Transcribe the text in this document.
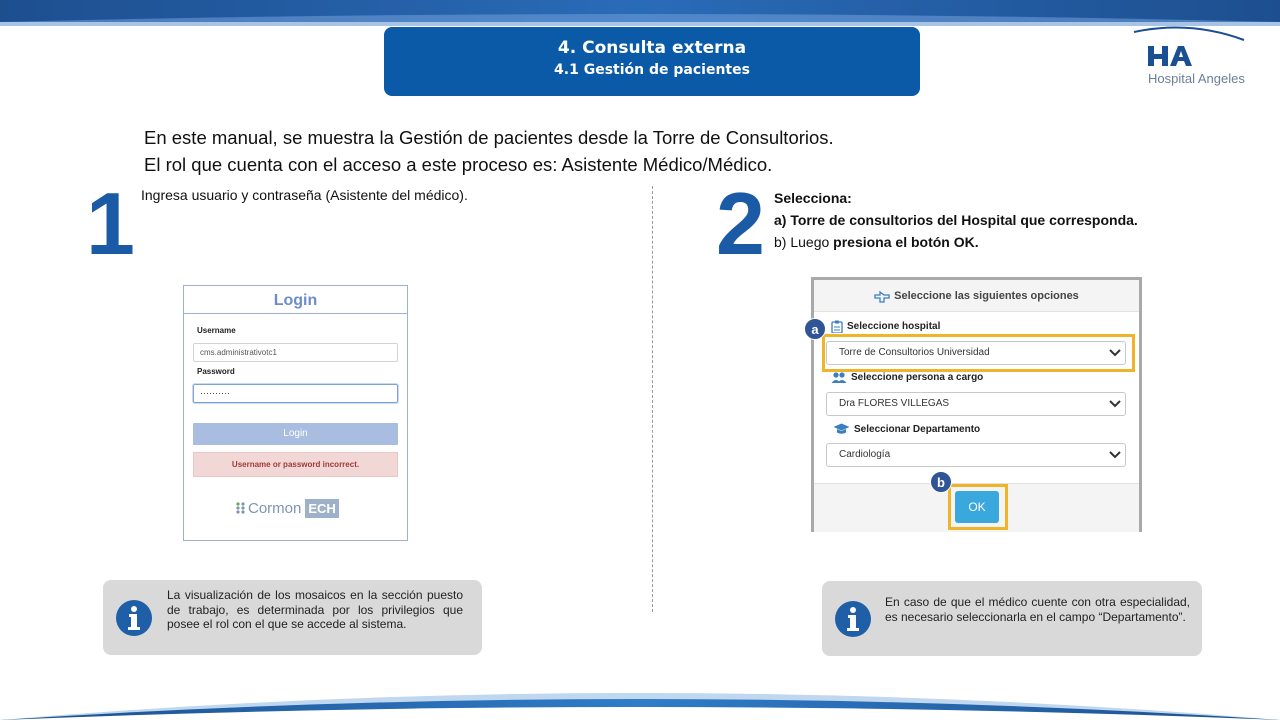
4. Consulta externa
4.1 Gestión de pacientes
Hospital Angeles
En este manual, se muestra la Gestión de pacientes desde la Torre de Consultorios.
El rol que cuenta con el acceso a este proceso es: Asistente Médico/Médico.
1 Ingresa usuario y contraseña (Asistente del médico).	2 Selecciona:
a) Torre de consultorios del Hospital que corresponda.
b) Luego presiona el botón OK.
Login
Username
cms.administrativotc1
Password
··········
Login
Username or password incorrect.
Cormon ECH
Seleccione las siguientes opciones
Seleccione hospital
Torre de Consultorios Universidad
Seleccione persona a cargo
Dra FLORES VILLEGAS
Seleccionar Departamento
Cardiología
OK
a
b
La visualización de los mosaicos en la sección puesto de trabajo, es determinada por los privilegios que posee el rol con el que se accede al sistema.
En caso de que el médico cuente con otra especialidad, es necesario seleccionarla en el campo “Departamento”.
